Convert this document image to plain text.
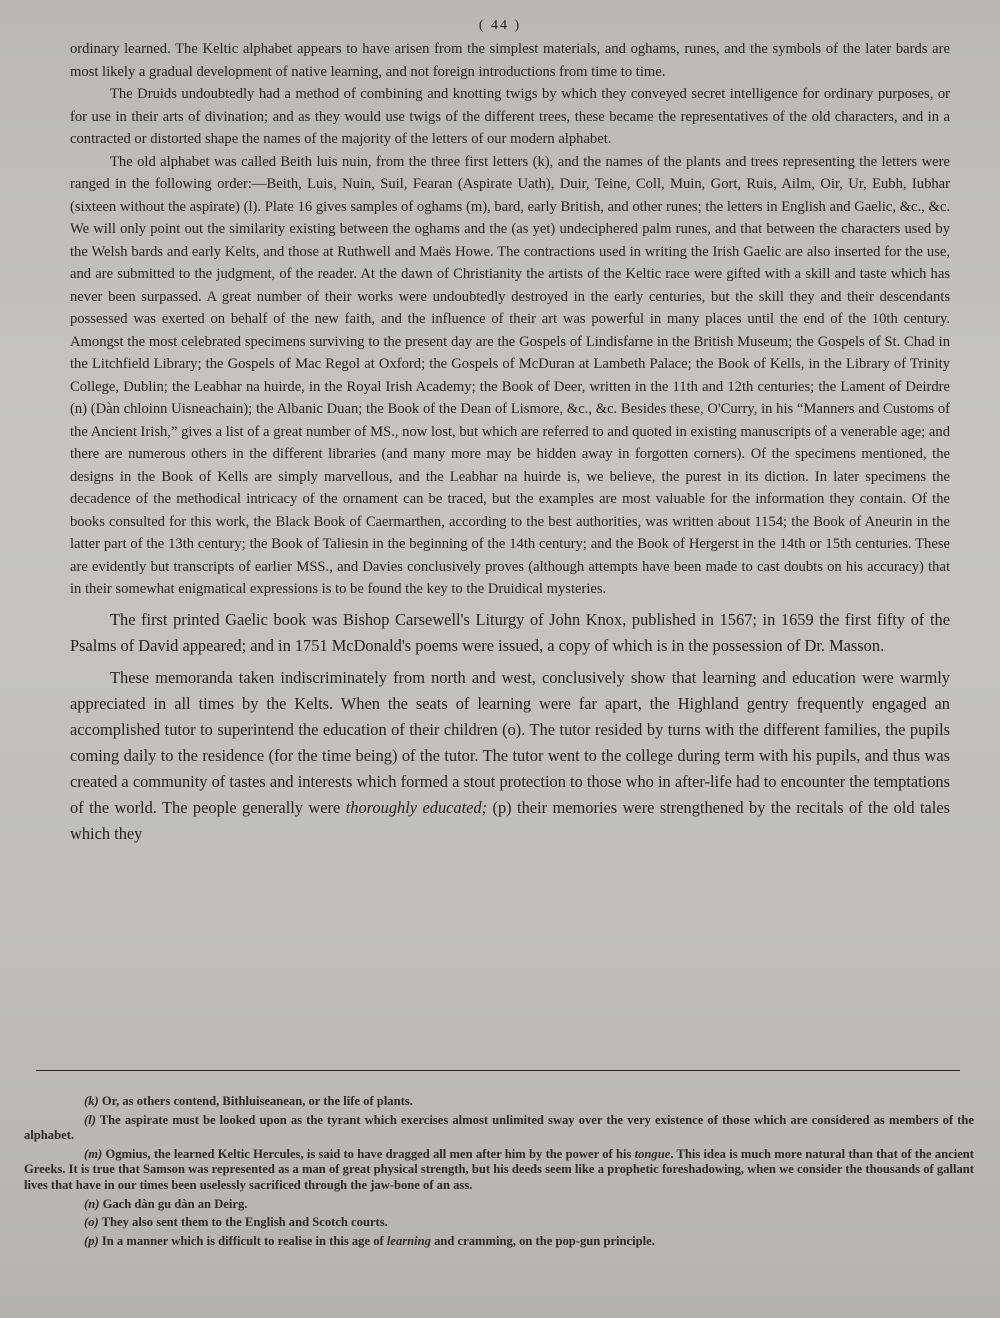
( 44 )

ordinary learned. The Keltic alphabet appears to have arisen from the simplest materials, and oghams, runes, and the symbols of the later bards are most likely a gradual development of native learning, and not foreign introductions from time to time.

The Druids undoubtedly had a method of combining and knotting twigs by which they conveyed secret intelligence for ordinary purposes, or for use in their arts of divination; and as they would use twigs of the different trees, these became the representatives of the old characters, and in a contracted or distorted shape the names of the majority of the letters of our modern alphabet.

The old alphabet was called Beith luis nuin, from the three first letters (k), and the names of the plants and trees representing the letters were ranged in the following order:—Beith, Luis, Nuin, Suil, Fearan (Aspirate Uath), Duir, Teine, Coll, Muin, Gort, Ruis, Ailm, Oir, Ur, Eubh, Iubhar (sixteen without the aspirate) (l). Plate 16 gives samples of oghams (m), bard, early British, and other runes; the letters in English and Gaelic, &c., &c. We will only point out the similarity existing between the oghams and the (as yet) undeciphered palm runes, and that between the characters used by the Welsh bards and early Kelts, and those at Ruthwell and Maës Howe. The contractions used in writing the Irish Gaelic are also inserted for the use, and are submitted to the judgment, of the reader. At the dawn of Christianity the artists of the Keltic race were gifted with a skill and taste which has never been surpassed. A great number of their works were undoubtedly destroyed in the early centuries, but the skill they and their descendants possessed was exerted on behalf of the new faith, and the influence of their art was powerful in many places until the end of the 10th century. Amongst the most celebrated specimens surviving to the present day are the Gospels of Lindisfarne in the British Museum; the Gospels of St. Chad in the Litchfield Library; the Gospels of Mac Regol at Oxford; the Gospels of McDuran at Lambeth Palace; the Book of Kells, in the Library of Trinity College, Dublin; the Leabhar na huirde, in the Royal Irish Academy; the Book of Deer, written in the 11th and 12th centuries; the Lament of Deirdre (n) (Dàn chloinn Uisneachain); the Albanic Duan; the Book of the Dean of Lismore, &c., &c. Besides these, O'Curry, in his “Manners and Customs of the Ancient Irish,” gives a list of a great number of MS., now lost, but which are referred to and quoted in existing manuscripts of a venerable age; and there are numerous others in the different libraries (and many more may be hidden away in forgotten corners). Of the specimens mentioned, the designs in the Book of Kells are simply marvellous, and the Leabhar na huirde is, we believe, the purest in its diction. In later specimens the decadence of the methodical intricacy of the ornament can be traced, but the examples are most valuable for the information they contain. Of the books consulted for this work, the Black Book of Caermarthen, according to the best authorities, was written about 1154; the Book of Aneurin in the latter part of the 13th century; the Book of Taliesin in the beginning of the 14th century; and the Book of Hergerst in the 14th or 15th centuries. These are evidently but transcripts of earlier MSS., and Davies conclusively proves (although attempts have been made to cast doubts on his accuracy) that in their somewhat enigmatical expressions is to be found the key to the Druidical mysteries.

The first printed Gaelic book was Bishop Carsewell's Liturgy of John Knox, published in 1567; in 1659 the first fifty of the Psalms of David appeared; and in 1751 McDonald's poems were issued, a copy of which is in the possession of Dr. Masson.

These memoranda taken indiscriminately from north and west, conclusively show that learning and education were warmly appreciated in all times by the Kelts. When the seats of learning were far apart, the Highland gentry frequently engaged an accomplished tutor to superintend the education of their children (o). The tutor resided by turns with the different families, the pupils coming daily to the residence (for the time being) of the tutor. The tutor went to the college during term with his pupils, and thus was created a community of tastes and interests which formed a stout protection to those who in after-life had to encounter the temptations of the world. The people generally were thoroughly educated; (p) their memories were strengthened by the recitals of the old tales which they

(k) Or, as others contend, Bithluiseanean, or the life of plants.

(l) The aspirate must be looked upon as the tyrant which exercises almost unlimited sway over the very existence of those which are considered as members of the alphabet.

(m) Ogmius, the learned Keltic Hercules, is said to have dragged all men after him by the power of his tongue. This idea is much more natural than that of the ancient Greeks. It is true that Samson was represented as a man of great physical strength, but his deeds seem like a prophetic foreshadowing, when we consider the thousands of gallant lives that have in our times been uselessly sacrificed through the jaw-bone of an ass.

(n) Gach dàn gu dàn an Deirg.

(o) They also sent them to the English and Scotch courts.

(p) In a manner which is difficult to realise in this age of learning and cramming, on the pop-gun principle.
